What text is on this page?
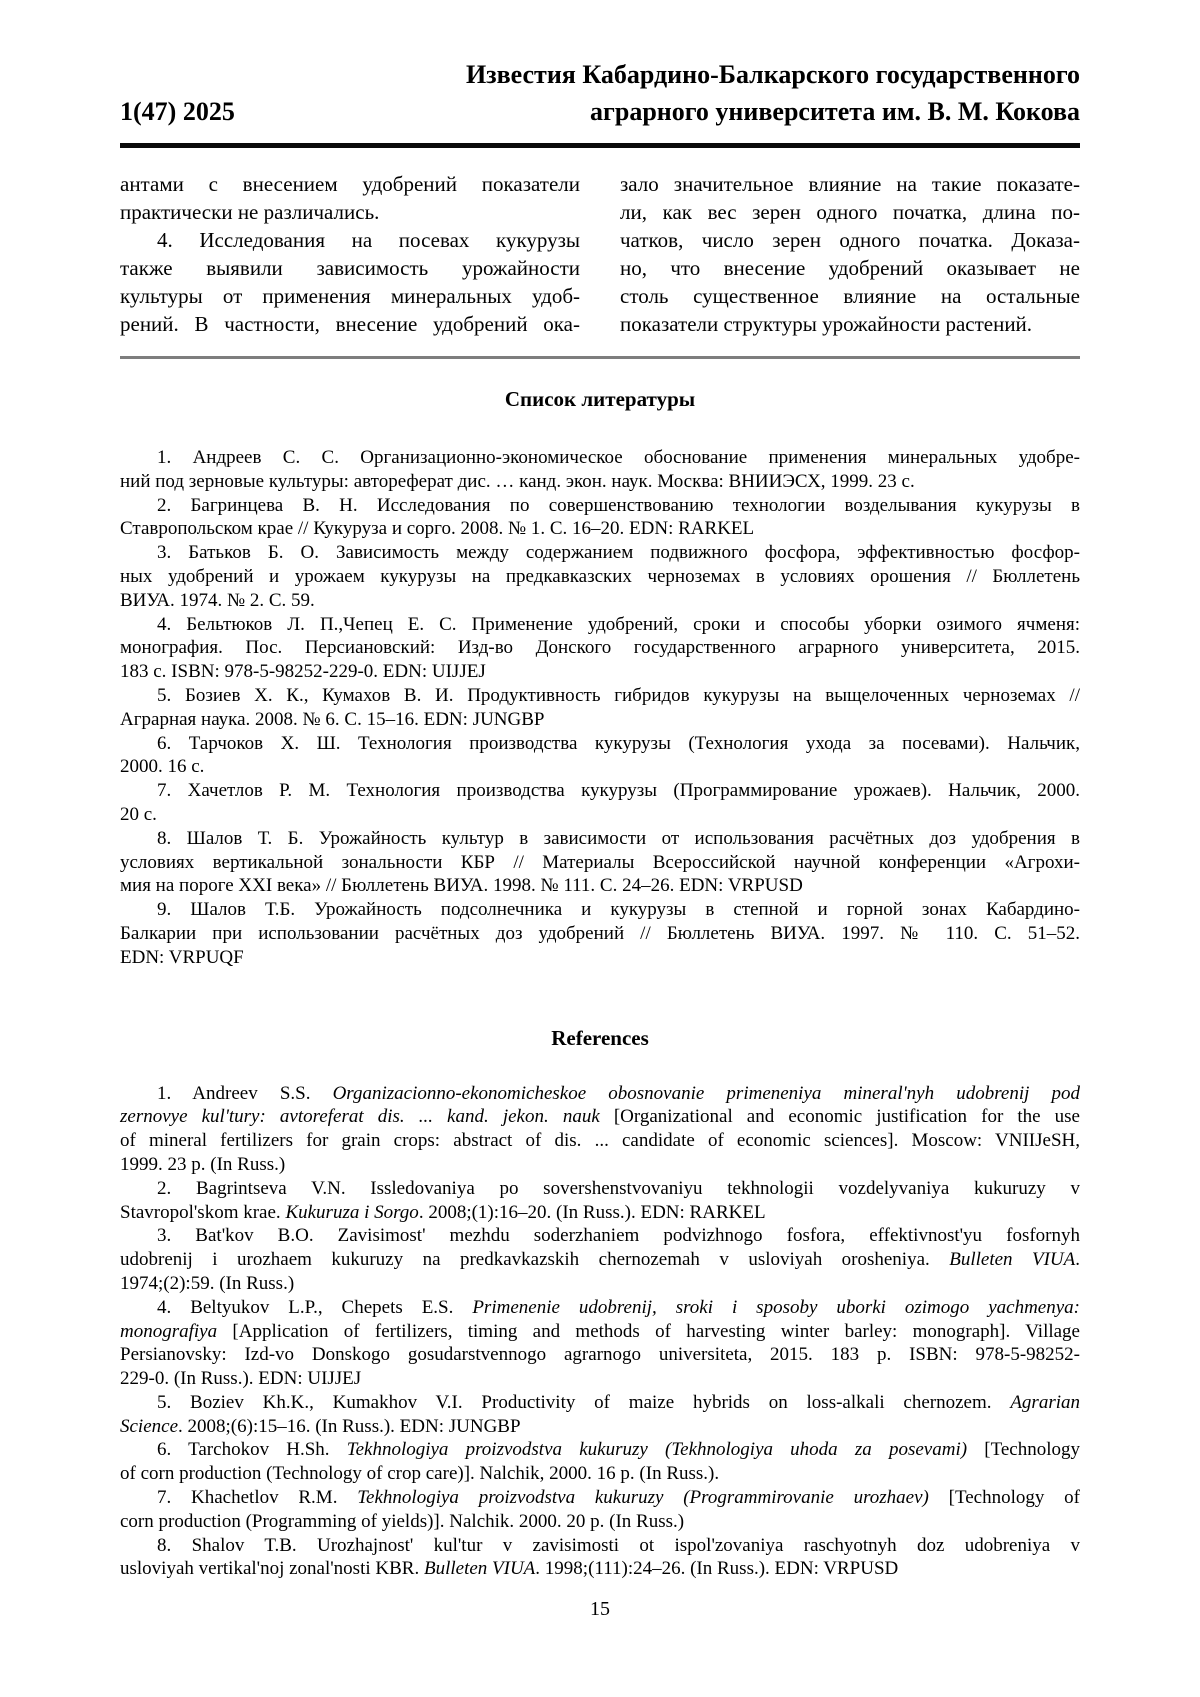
Известия Кабардино-Балкарского государственного
1(47) 2025	аграрного университета им. В. М. Кокова
антами с внесением удобрений показатели
практически не различались.
4. Исследования на посевах кукурузы
также выявили зависимость урожайности
культуры от применения минеральных удоб-
рений. В частности, внесение удобрений ока-
зало значительное влияние на такие показате-
ли, как вес зерен одного початка, длина по-
чатков, число зерен одного початка. Доказа-
но, что внесение удобрений оказывает не
столь существенное влияние на остальные
показатели структуры урожайности растений.
Список литературы
1. Андреев С. С. Организационно-экономическое обоснование применения минеральных удобре-
ний под зерновые культуры: автореферат дис. … канд. экон. наук. Москва: ВНИИЭСХ, 1999. 23 с.
2. Багринцева В. Н. Исследования по совершенствованию технологии возделывания кукурузы в
Ставропольском крае // Кукуруза и сорго. 2008. № 1. С. 16–20. EDN: RARKEL
3. Батьков Б. О. Зависимость между содержанием подвижного фосфора, эффективностью фосфор-
ных удобрений и урожаем кукурузы на предкавказских черноземах в условиях орошения // Бюллетень
ВИУА. 1974. № 2. С. 59.
4. Бельтюков Л. П.,Чепец Е. С. Применение удобрений, сроки и способы уборки озимого ячменя:
монография. Пос. Персиановский: Изд-во Донского государственного аграрного университета, 2015.
183 с. ISBN: 978-5-98252-229-0. EDN: UIJJEJ
5. Бозиев Х. К., Кумахов В. И. Продуктивность гибридов кукурузы на выщелоченных черноземах //
Аграрная наука. 2008. № 6. С. 15–16. EDN: JUNGBP
6. Тарчоков Х. Ш. Технология производства кукурузы (Технология ухода за посевами). Нальчик,
2000. 16 с.
7. Хачетлов Р. М. Технология производства кукурузы (Программирование урожаев). Нальчик, 2000.
20 с.
8. Шалов Т. Б. Урожайность культур в зависимости от использования расчётных доз удобрения в
условиях вертикальной зональности КБР // Материалы Всероссийской научной конференции «Агрохи-
мия на пороге XXI века» // Бюллетень ВИУА. 1998. № 111. С. 24–26. EDN: VRPUSD
9. Шалов Т.Б. Урожайность подсолнечника и кукурузы в степной и горной зонах Кабардино-
Балкарии при использовании расчётных доз удобрений // Бюллетень ВИУА. 1997. № 110. С. 51–52.
EDN: VRPUQF
References
1. Andreev S.S. Organizacionno-ekonomicheskoe obosnovanie primeneniya mineral'nyh udobrenij pod
zernovye kul'tury: avtoreferat dis. ... kand. jekon. nauk [Organizational and economic justification for the use
of mineral fertilizers for grain crops: abstract of dis. ... candidate of economic sciences]. Moscow: VNIIJeSH,
1999. 23 p. (In Russ.)
2. Bagrintseva V.N. Issledovaniya po sovershenstvovaniyu tekhnologii vozdelyvaniya kukuruzy v
Stavropol'skom krae. Kukuruza i Sorgo. 2008;(1):16–20. (In Russ.). EDN: RARKEL
3. Bat'kov B.O. Zavisimost' mezhdu soderzhaniem podvizhnogo fosfora, effektivnost'yu fosfornyh
udobrenij i urozhaem kukuruzy na predkavkazskih chernozemah v usloviyah orosheniya. Bulleten VIUA.
1974;(2):59. (In Russ.)
4. Beltyukov L.P., Chepets E.S. Primenenie udobrenij, sroki i sposoby uborki ozimogo yachmenya:
monografiya [Application of fertilizers, timing and methods of harvesting winter barley: monograph]. Village
Persianovsky: Izd-vo Donskogo gosudarstvennogo agrarnogo universiteta, 2015. 183 p. ISBN: 978-5-98252-
229-0. (In Russ.). EDN: UIJJEJ
5. Boziev Kh.K., Kumakhov V.I. Productivity of maize hybrids on loss-alkali chernozem. Agrarian
Science. 2008;(6):15–16. (In Russ.). EDN: JUNGBP
6. Tarchokov H.Sh. Tekhnologiya proizvodstva kukuruzy (Tekhnologiya uhoda za posevami) [Technology
of corn production (Technology of crop care)]. Nalchik, 2000. 16 p. (In Russ.).
7. Khachetlov R.M. Tekhnologiya proizvodstva kukuruzy (Programmirovanie urozhaev) [Technology of
corn production (Programming of yields)]. Nalchik. 2000. 20 p. (In Russ.)
8. Shalov T.B. Urozhajnost' kul'tur v zavisimosti ot ispol'zovaniya raschyotnyh doz udobreniya v
usloviyah vertikal'noj zonal'nosti KBR. Bulleten VIUA. 1998;(111):24–26. (In Russ.). EDN: VRPUSD
15
